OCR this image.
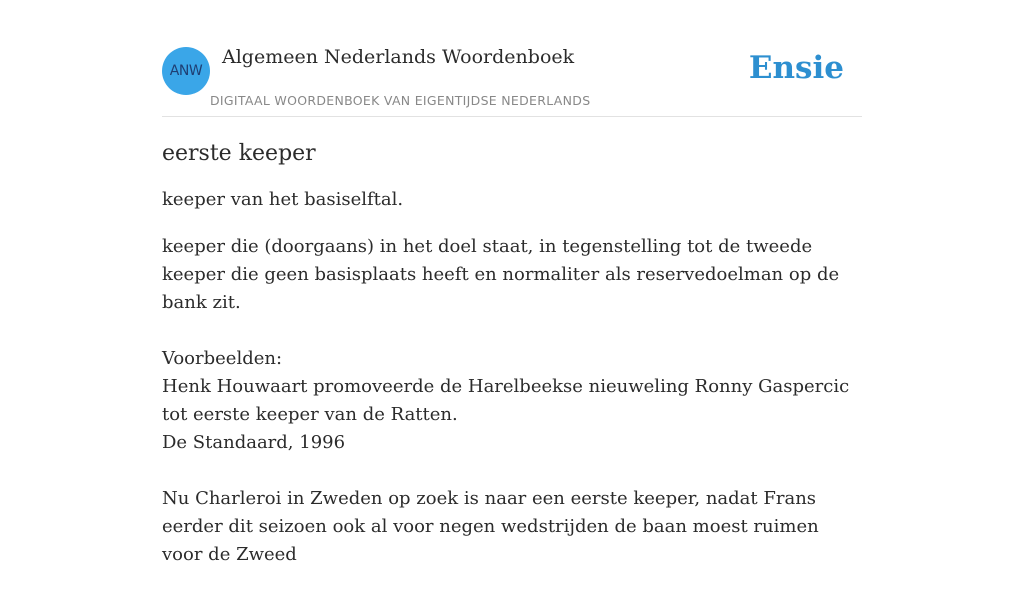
ANW
Algemeen Nederlands Woordenboek
DIGITAAL WOORDENBOEK VAN EIGENTIJDSE NEDERLANDS
Ensie
eerste keeper

keeper van het basiselftal.

keeper die (doorgaans) in het doel staat, in tegenstelling tot de tweede keeper die geen basisplaats heeft en normaliter als reservedoelman op de bank zit.

Voorbeelden:
Henk Houwaart promoveerde de Harelbeekse nieuweling Ronny Gaspercic tot eerste keeper van de Ratten.
De Standaard, 1996
Nu Charleroi in Zweden op zoek is naar een eerste keeper, nadat Frans eerder dit seizoen ook al voor negen wedstrijden de baan moest ruimen voor de Zweed
